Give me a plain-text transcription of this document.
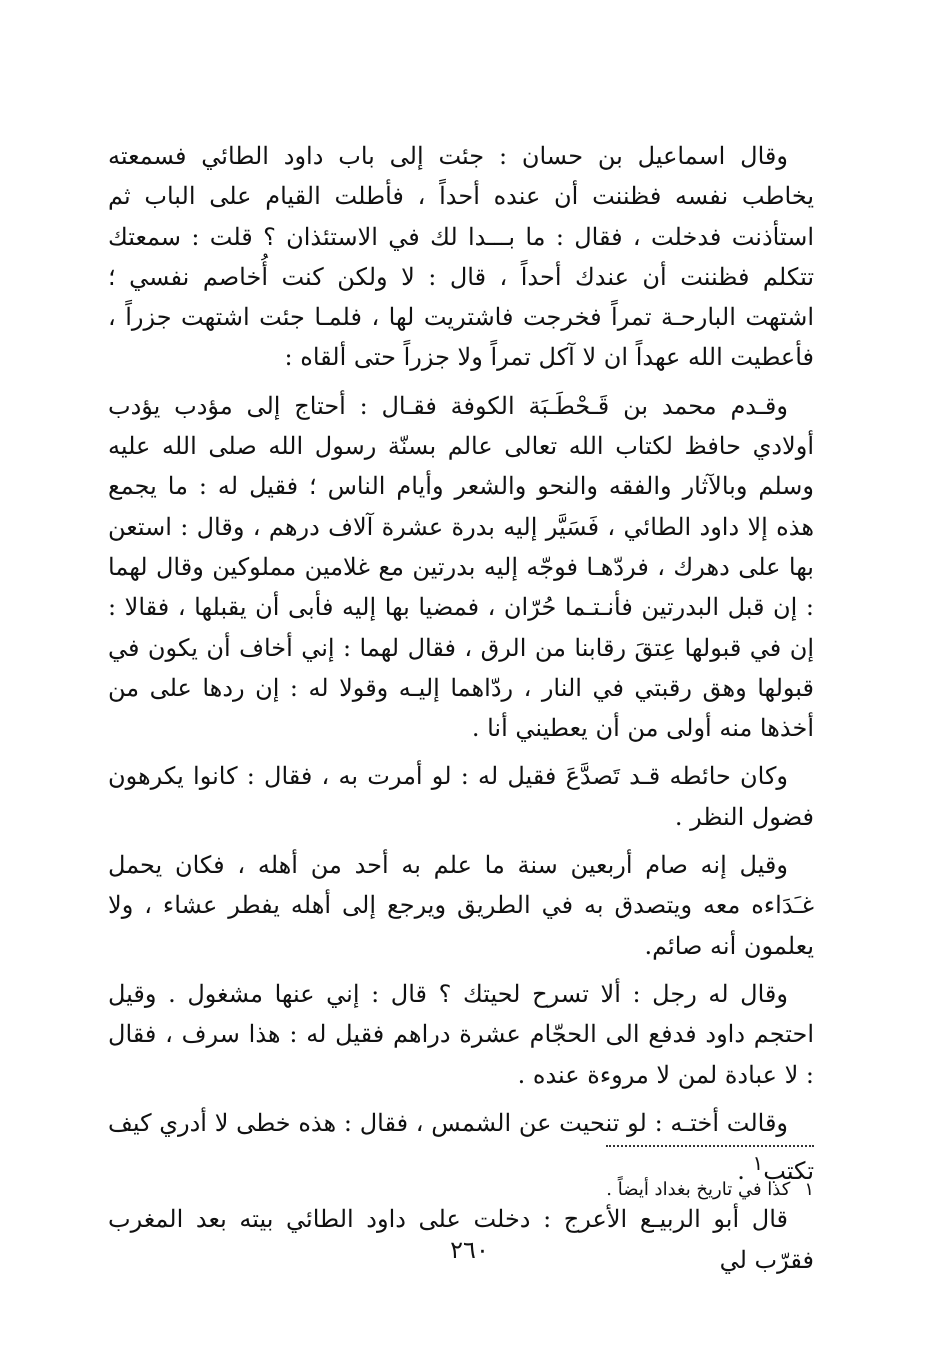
وقال اسماعيل بن حسان : جئت إلى باب داود الطائي فسمعته يخاطب نفسه فظننت أن عنده أحداً ، فأطلت القيام على الباب ثم استأذنت فدخلت ، فقال : ما بـــدا لك في الاستئذان ؟ قلت : سمعتك تتكلم فظننت أن عندك أحداً ، قال : لا ولكن كنت أُخاصم نفسي ؛ اشتهت البارحـة تمراً فخرجت فاشتريت لها ، فلمـا جئت اشتهت جزراً ، فأعطيت الله عهداً ان لا آكل تمراً ولا جزراً حتى ألقاه :

وقـدم محمد بن قَـحْطَـبَة الكوفة فقـال : أحتاج إلى مؤدب يؤدب أولادي حافظ لكتاب الله تعالى عالم بسنّة رسول الله صلى الله عليه وسلم وبالآثار والفقه والنحو والشعر وأيام الناس ؛ فقيل له : ما يجمع هذه إلا داود الطائي ، فَسَيَّر إليه بدرة عشرة آلاف درهم ، وقال : استعن بها على دهرك ، فردّهـا فوجّه إليه بدرتين مع غلامين مملوكين وقال لهما : إن قبل البدرتين فأنـتـما حُرّان ، فمضيا بها إليه فأبى أن يقبلها ، فقالا : إن في قبولها عِتقَ رقابنا من الرق ، فقال لهما : إني أخاف أن يكون في قبولها وهق رقبتي في النار ، ردّاهما إليـه وقولا له : إن ردها على من أخذها منه أولى من أن يعطيني أنا .

وكان حائطه قـد تَصدَّعَ فقيل له : لو أمرت به ، فقال : كانوا يكرهون فضول النظر .

وقيل إنه صام أربعين سنة ما علم به أحد من أهله ، فكان يحمل غـَدَاءه معه ويتصدق به في الطريق ويرجع إلى أهله يفطر عشاء ، ولا يعلمون أنه صائم.

وقال له رجل : ألا تسرح لحيتك ؟ قال : إني عنها مشغول . وقيل احتجم داود فدفع الى الحجّام عشرة دراهم فقيل له : هذا سرف ، فقال : لا عبادة لمن لا مروءة عنده .

وقالت أختـه : لو تنحيت عن الشمس ، فقال : هذه خطى لا أدري كيف تكتب$^١$ .

قال أبو الربيـع الأعرج : دخلت على داود الطائي بيته بعد المغرب فقرّب لي

١كذا في تاريخ بغداد أيضاً .
٢٦٠
